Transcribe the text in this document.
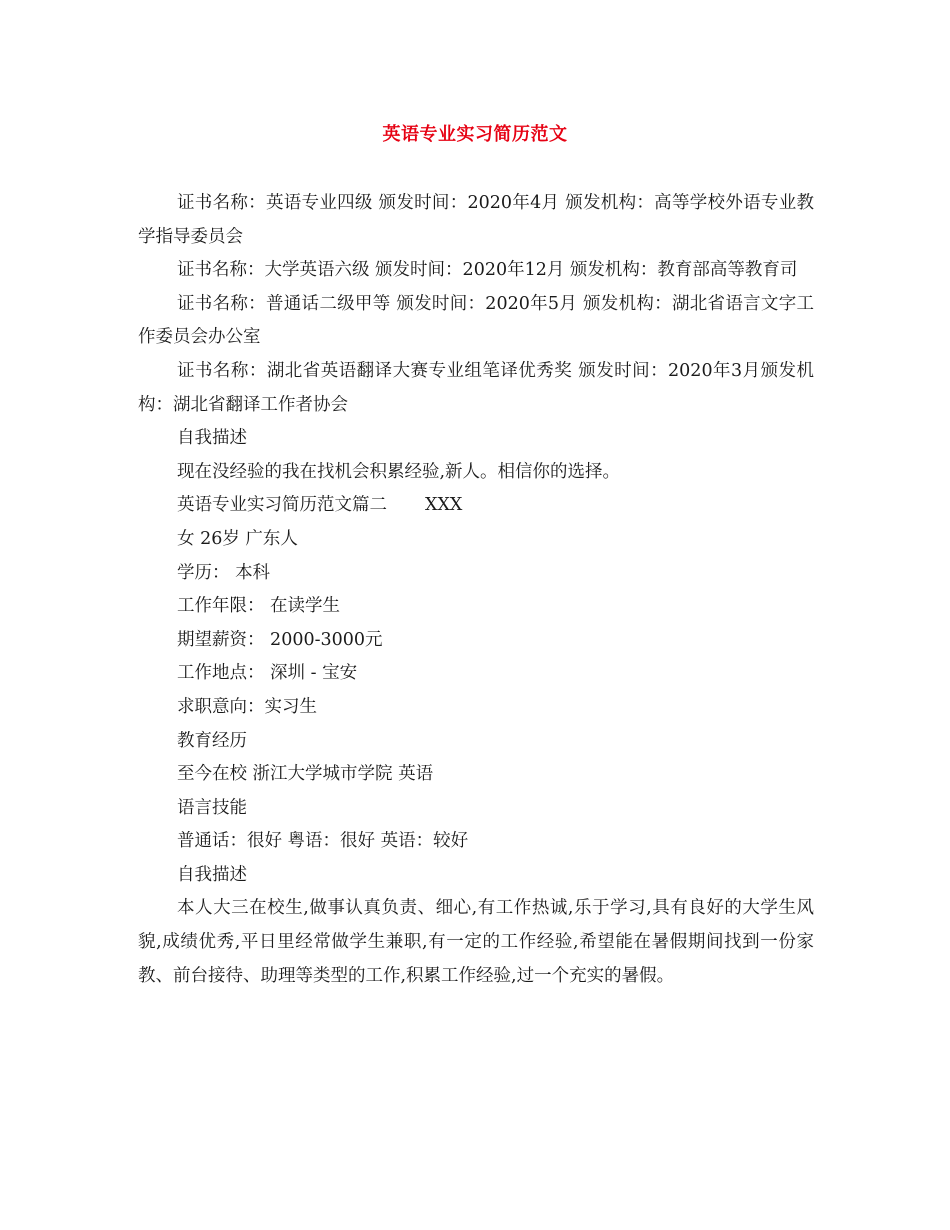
英语专业实习简历范文

证书名称：英语专业四级 颁发时间：2020年4月 颁发机构：高等学校外语专业教学指导委员会

证书名称：大学英语六级 颁发时间：2020年12月 颁发机构：教育部高等教育司

证书名称：普通话二级甲等 颁发时间：2020年5月 颁发机构：湖北省语言文字工作委员会办公室

证书名称：湖北省英语翻译大赛专业组笔译优秀奖 颁发时间：2020年3月颁发机构：湖北省翻译工作者协会

自我描述

现在没经验的我在找机会积累经验,新人。相信你的选择。

英语专业实习简历范文篇二 XXX

女 26岁 广东人

学历： 本科

工作年限： 在读学生

期望薪资： 2000-3000元

工作地点： 深圳 - 宝安

求职意向：实习生

教育经历

至今在校 浙江大学城市学院 英语

语言技能

普通话：很好 粤语：很好 英语：较好

自我描述

本人大三在校生,做事认真负责、细心,有工作热诚,乐于学习,具有良好的大学生风貌,成绩优秀,平日里经常做学生兼职,有一定的工作经验,希望能在暑假期间找到一份家教、前台接待、助理等类型的工作,积累工作经验,过一个充实的暑假。
